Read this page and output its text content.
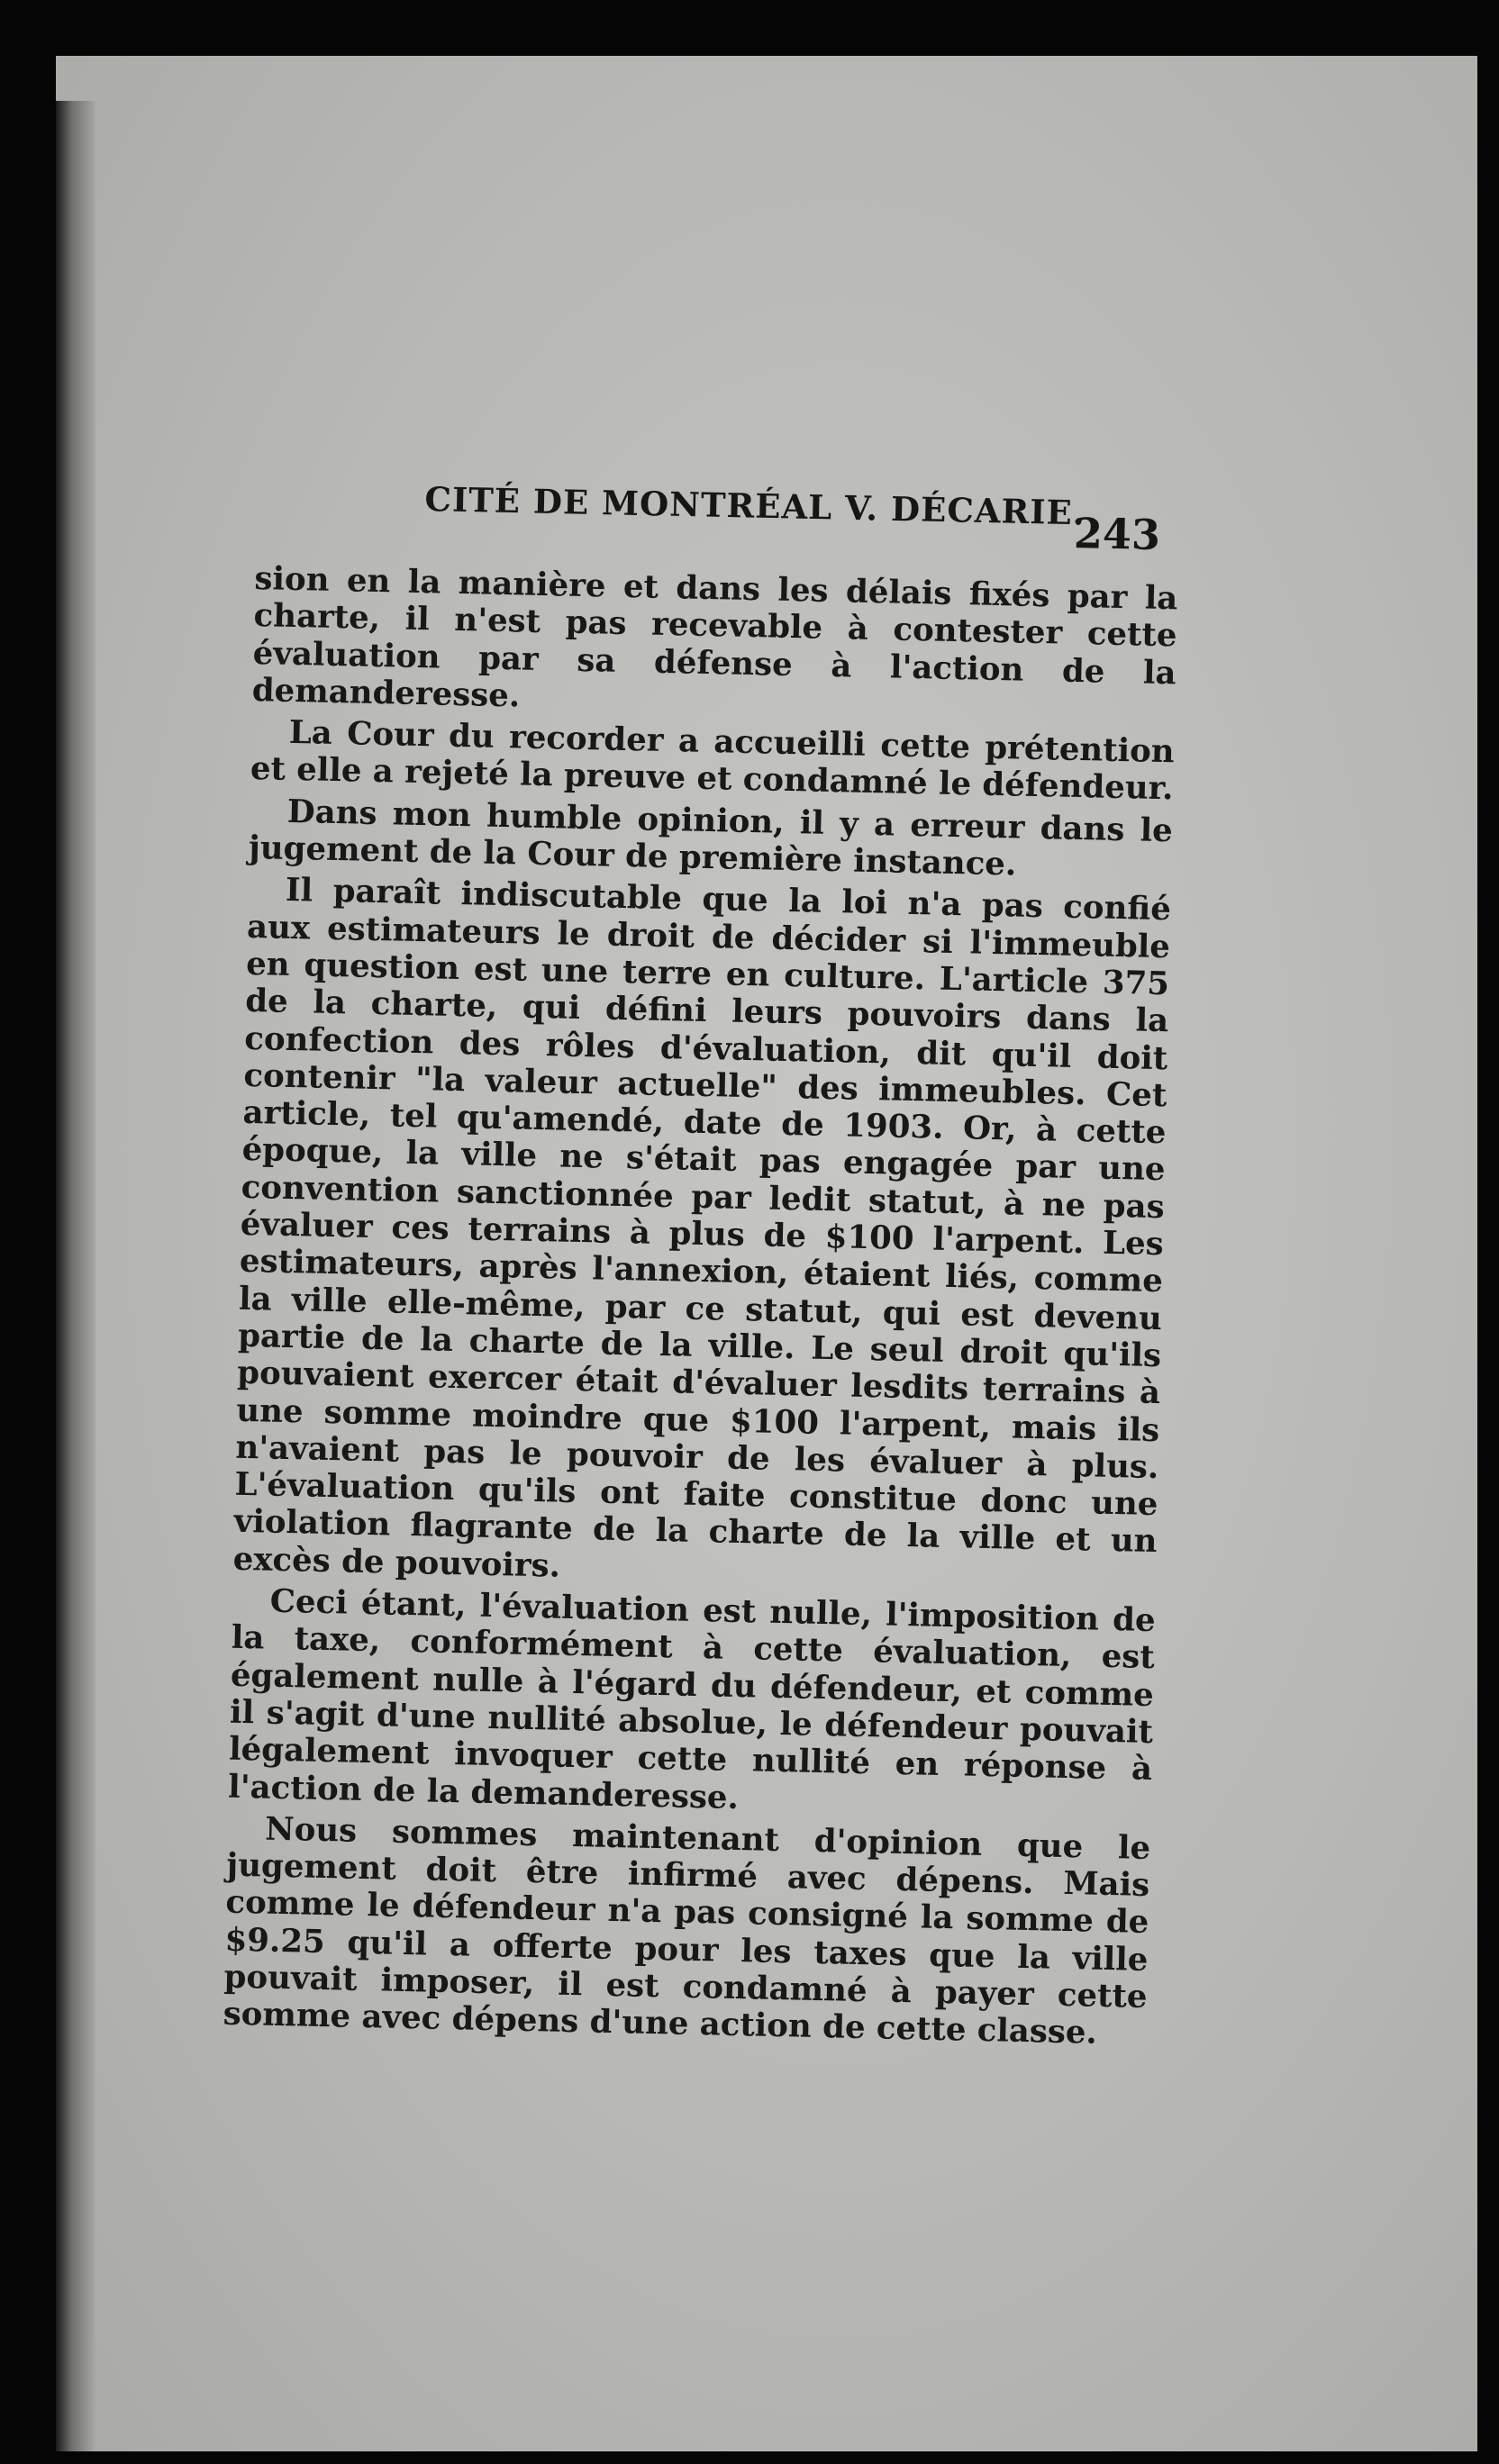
CITÉ DE MONTRÉAL V. DÉCARIE.
243

sion en la manière et dans les délais fixés par la charte, il n'est pas recevable à contester cette évaluation par sa défense à l'action de la demanderesse.

La Cour du recorder a accueilli cette prétention et elle a rejeté la preuve et condamné le défendeur.

Dans mon humble opinion, il y a erreur dans le jugement de la Cour de première instance.

Il paraît indiscutable que la loi n'a pas confié aux estimateurs le droit de décider si l'immeuble en question est une terre en culture. L'article 375 de la charte, qui défini leurs pouvoirs dans la confection des rôles d'évaluation, dit qu'il doit contenir "la valeur actuelle" des immeubles. Cet article, tel qu'amendé, date de 1903. Or, à cette époque, la ville ne s'était pas engagée par une convention sanctionnée par ledit statut, à ne pas évaluer ces terrains à plus de $100 l'arpent. Les estimateurs, après l'annexion, étaient liés, comme la ville elle-même, par ce statut, qui est devenu partie de la charte de la ville. Le seul droit qu'ils pouvaient exercer était d'évaluer lesdits terrains à une somme moindre que $100 l'arpent, mais ils n'avaient pas le pouvoir de les évaluer à plus. L'évaluation qu'ils ont faite constitue donc une violation flagrante de la charte de la ville et un excès de pouvoirs.

Ceci étant, l'évaluation est nulle, l'imposition de la taxe, conformément à cette évaluation, est également nulle à l'égard du défendeur, et comme il s'agit d'une nullité absolue, le défendeur pouvait légalement invoquer cette nullité en réponse à l'action de la demanderesse.

Nous sommes maintenant d'opinion que le jugement doit être infirmé avec dépens. Mais comme le défendeur n'a pas consigné la somme de $9.25 qu'il a offerte pour les taxes que la ville pouvait imposer, il est condamné à payer cette somme avec dépens d'une action de cette classe.
